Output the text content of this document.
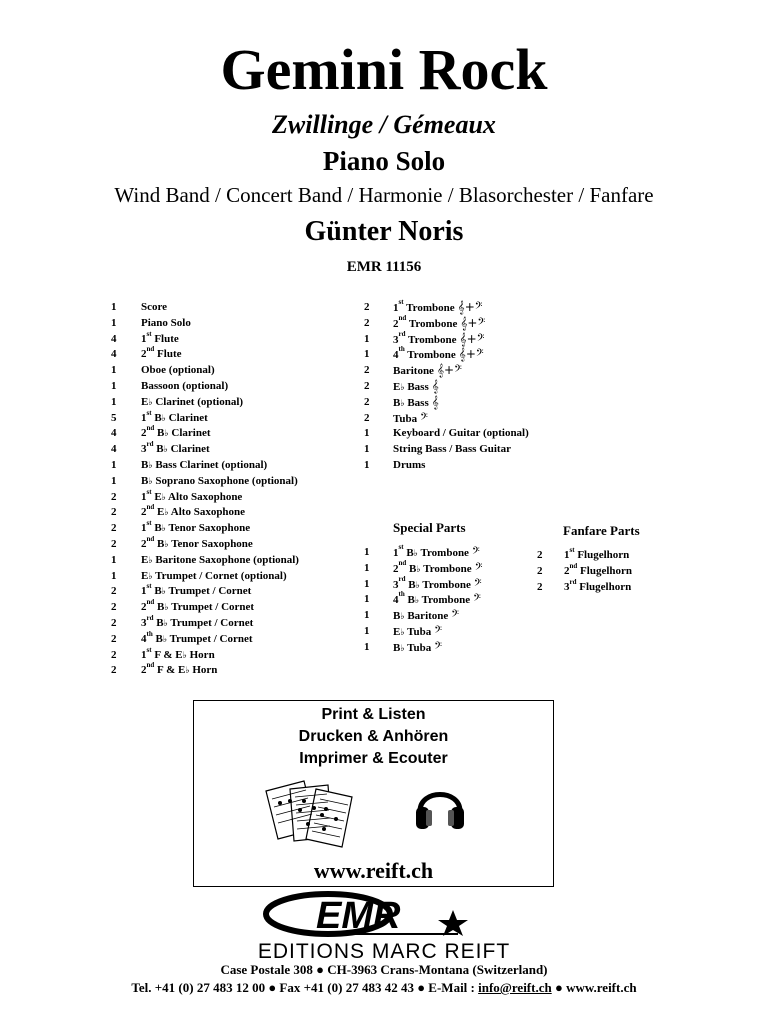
Gemini Rock
Zwillinge / Gémeaux
Piano Solo
Wind Band / Concert Band / Harmonie / Blasorchester / Fanfare
Günter Noris
EMR 11156
1	Score
1	Piano Solo
4	1st Flute
4	2nd Flute
1	Oboe (optional)
1	Bassoon (optional)
1	E♭ Clarinet (optional)
5	1st B♭ Clarinet
4	2nd B♭ Clarinet
4	3rd B♭ Clarinet
1	B♭ Bass Clarinet (optional)
1	B♭ Soprano Saxophone (optional)
2	1st E♭ Alto Saxophone
2	2nd E♭ Alto Saxophone
2	1st B♭ Tenor Saxophone
2	2nd B♭ Tenor Saxophone
1	E♭ Baritone Saxophone (optional)
1	E♭ Trumpet / Cornet (optional)
2	1st B♭ Trumpet / Cornet
2	2nd B♭ Trumpet / Cornet
2	3rd B♭ Trumpet / Cornet
2	4th B♭ Trumpet / Cornet
2	1st F & E♭ Horn
2	2nd F & E♭ Horn
2	1st Trombone 𝄞+𝄢
2	2nd Trombone 𝄞+𝄢
1	3rd Trombone 𝄞+𝄢
1	4th Trombone 𝄞+𝄢
2	Baritone 𝄞+𝄢
2	E♭ Bass 𝄞
2	B♭ Bass 𝄞
2	Tuba 𝄢
1	Keyboard / Guitar (optional)
1	String Bass / Bass Guitar
1	Drums
Special Parts
1	1st B♭ Trombone 𝄢
1	2nd B♭ Trombone 𝄢
1	3rd B♭ Trombone 𝄢
1	4th B♭ Trombone 𝄢
1	B♭ Baritone 𝄢
1	E♭ Tuba 𝄢
1	B♭ Tuba 𝄢
Fanfare Parts
2	1st Flugelhorn
2	2nd Flugelhorn
2	3rd Flugelhorn
Print & Listen
Drucken & Anhören
Imprimer & Ecouter
www.reift.ch
EMR
EDITIONS MARC REIFT
Case Postale 308 ● CH-3963 Crans-Montana (Switzerland)
Tel. +41 (0) 27 483 12 00 ● Fax +41 (0) 27 483 42 43 ● E-Mail : info@reift.ch ● www.reift.ch
